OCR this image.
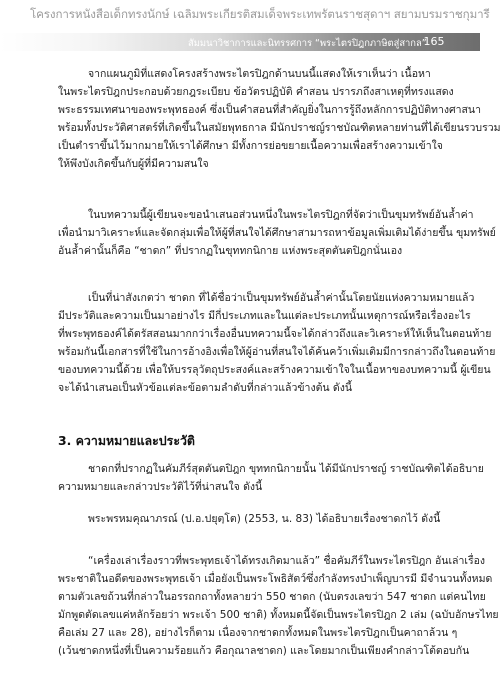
โครงการหนังสือเด็กทรงนักษ์ เฉลิมพระเกียรติสมเด็จพระเทพรัตนราชสุดาฯ สยามบรมราชกุมารี
สัมมนาวิชาการและนิทรรศการ “พระไตรปิฎกภาษิตสู่สากล”
165
จากแผนภูมิที่แสดงโครงสร้างพระไตรปิฎกด้านบนนี้แสดงให้เราเห็นว่า เนื้อหา
ในพระไตรปิฎกประกอบด้วยกฎระเบียบ ข้อวัตรปฏิบัติ คำสอน ปรารภถึงสาเหตุที่ทรงแสดง
พระธรรมเทศนาของพระพุทธองค์ ซึ่งเป็นคำสอนที่สำคัญยิ่งในการรู้ถึงหลักการปฏิบัติทางศาสนา
พร้อมทั้งประวัติศาสตร์ที่เกิดขึ้นในสมัยพุทธกาล มีนักปราชญ์ราชบัณฑิตหลายท่านที่ได้เขียนรวบรวม
เป็นตำราขึ้นไว้มากมายให้เราได้ศึกษา มีทั้งการย่อขยายเนื้อความเพื่อสร้างความเข้าใจ
ให้พึงบังเกิดขึ้นกับผู้ที่มีความสนใจ
ในบทความนี้ผู้เขียนจะขอนำเสนอส่วนหนึ่งในพระไตรปิฎกที่จัดว่าเป็นขุมทรัพย์อันล้ำค่า
เพื่อนำมาวิเคราะห์และจัดกลุ่มเพื่อให้ผู้ที่สนใจได้ศึกษาสามารถหาข้อมูลเพิ่มเติมได้ง่ายขึ้น ขุมทรัพย์
อันล้ำค่านั้นก็คือ “ชาดก” ที่ปรากฏในขุททกนิกาย แห่งพระสุตตันตปิฎกนั่นเอง
เป็นที่น่าสังเกตว่า ชาดก ที่ได้ชื่อว่าเป็นขุมทรัพย์อันล้ำค่านั้นโดยนัยแห่งความหมายแล้ว
มีประวัติและความเป็นมาอย่างไร มีกี่ประเภทและในแต่ละประเภทนั้นเหตุการณ์หรือเรื่องอะไร
ที่พระพุทธองค์ได้ตรัสสอนมากกว่าเรื่องอื่นบทความนี้จะได้กล่าวถึงและวิเคราะห์ให้เห็นในตอนท้าย
พร้อมกันนี้เอกสารที่ใช้ในการอ้างอิงเพื่อให้ผู้อ่านที่สนใจได้ค้นคว้าเพิ่มเติมมีการกล่าวถึงในตอนท้าย
ของบทความนี้ด้วย เพื่อให้บรรลุวัตถุประสงค์และสร้างความเข้าใจในเนื้อหาของบทความนี้ ผู้เขียน
จะได้นำเสนอเป็นหัวข้อแต่ละข้อตามลำดับที่กล่าวแล้วข้างต้น ดังนี้
3. ความหมายและประวัติ
ชาดกที่ปรากฏในคัมภีร์สุตตันตปิฎก ขุททกนิกายนั้น ได้มีนักปราชญ์ ราชบัณฑิตได้อธิบาย
ความหมายและกล่าวประวัติไว้ที่น่าสนใจ ดังนี้
พระพรหมคุณาภรณ์ (ป.อ.ปยุตฺโต) (2553, น. 83) ได้อธิบายเรื่องชาดกไว้ ดังนี้
“เครื่องเล่าเรื่องราวที่พระพุทธเจ้าได้ทรงเกิดมาแล้ว” ชื่อคัมภีร์ในพระไตรปิฎก อันเล่าเรื่อง
พระชาติในอดีตของพระพุทธเจ้า เมื่อยังเป็นพระโพธิสัตว์ซึ่งกำลังทรงบำเพ็ญบารมี มีจำนวนทั้งหมด
ตามตัวเลขถ้วนที่กล่าวในอรรถกถาทั้งหลายว่า 550 ชาดก (นับตรงเลขว่า 547 ชาดก แต่คนไทย
มักพูดตัดเลขแค่หลักร้อยว่า พระเจ้า 500 ชาติ) ทั้งหมดนี้จัดเป็นพระไตรปิฎก 2 เล่ม (ฉบับอักษรไทย
คือเล่ม 27 และ 28), อย่างไรก็ตาม เนื่องจากชาดกทั้งหมดในพระไตรปิฎกเป็นคาถาล้วน ๆ
(เว้นชาดกหนึ่งที่เป็นความร้อยแก้ว คือกุณาลชาดก) และโดยมากเป็นเพียงคำกล่าวโต้ตอบกัน
